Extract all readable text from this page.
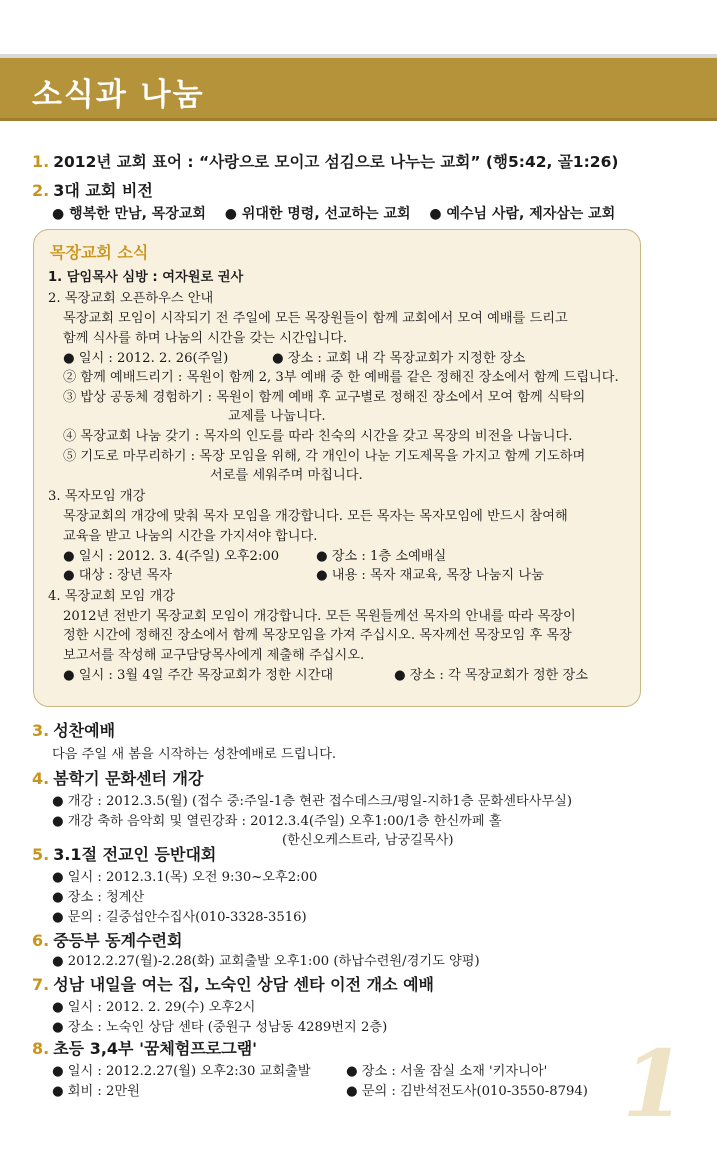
소식과 나눔
1. 2012년 교회 표어 : “사랑으로 모이고 섬김으로 나누는 교회” (행5:42, 골1:26)
2. 3대 교회 비전
● 행복한 만남, 목장교회 ● 위대한 명령, 선교하는 교회 ● 예수님 사람, 제자삼는 교회
목장교회 소식
1. 담임목사 심방 : 여자원로 권사
2. 목장교회 오픈하우스 안내
목장교회 모임이 시작되기 전 주일에 모든 목장원들이 함께 교회에서 모여 예배를 드리고
함께 식사를 하며 나눔의 시간을 갖는 시간입니다.
● 일시 : 2012. 2. 26(주일)	● 장소 : 교회 내 각 목장교회가 지정한 장소
② 함께 예배드리기 : 목원이 함께 2, 3부 예배 중 한 예배를 같은 정해진 장소에서 함께 드립니다.
③ 밥상 공동체 경험하기 : 목원이 함께 예배 후 교구별로 정해진 장소에서 모여 함께 식탁의
교제를 나눕니다.
④ 목장교회 나눔 갖기 : 목자의 인도를 따라 친숙의 시간을 갖고 목장의 비전을 나눕니다.
⑤ 기도로 마무리하기 : 목장 모임을 위해, 각 개인이 나눈 기도제목을 가지고 함께 기도하며
서로를 세워주며 마칩니다.
3. 목자모임 개강
목장교회의 개강에 맞춰 목자 모임을 개강합니다. 모든 목자는 목자모임에 반드시 참여해
교육을 받고 나눔의 시간을 가지셔야 합니다.
● 일시 : 2012. 3. 4(주일) 오후2:00	● 장소 : 1층 소예배실
● 대상 : 장년 목자	● 내용 : 목자 재교육, 목장 나눔지 나눔
4. 목장교회 모임 개강
2012년 전반기 목장교회 모임이 개강합니다. 모든 목원들께선 목자의 안내를 따라 목장이
정한 시간에 정해진 장소에서 함께 목장모임을 가져 주십시오. 목자께선 목장모임 후 목장
보고서를 작성해 교구담당목사에게 제출해 주십시오.
● 일시 : 3월 4일 주간 목장교회가 정한 시간대	● 장소 : 각 목장교회가 정한 장소
3. 성찬예배
다음 주일 새 봄을 시작하는 성찬예배로 드립니다.
4. 봄학기 문화센터 개강
● 개강 : 2012.3.5(월) (접수 중:주일-1층 현관 접수데스크/평일-지하1층 문화센타사무실)
● 개강 축하 음악회 및 열린강좌 : 2012.3.4(주일) 오후1:00/1층 한신까페 홀
(한신오케스트라, 남궁길목사)
5. 3.1절 전교인 등반대회
● 일시 : 2012.3.1(목) 오전 9:30~오후2:00
● 장소 : 청계산
● 문의 : 길중섭안수집사(010-3328-3516)
6. 중등부 동계수련회
● 2012.2.27(월)-2.28(화) 교회출발 오후1:00 (하납수련원/경기도 양평)
7. 성남 내일을 여는 집, 노숙인 상담 센타 이전 개소 예배
● 일시 : 2012. 2. 29(수) 오후2시
● 장소 : 노숙인 상담 센타 (중원구 성남동 4289번지 2층)
8. 초등 3,4부 '꿈체험프로그램'
● 일시 : 2012.2.27(월) 오후2:30 교회출발	● 장소 : 서울 잠실 소재 '키자니아'
● 회비 : 2만원	● 문의 : 김반석전도사(010-3550-8794) 1
